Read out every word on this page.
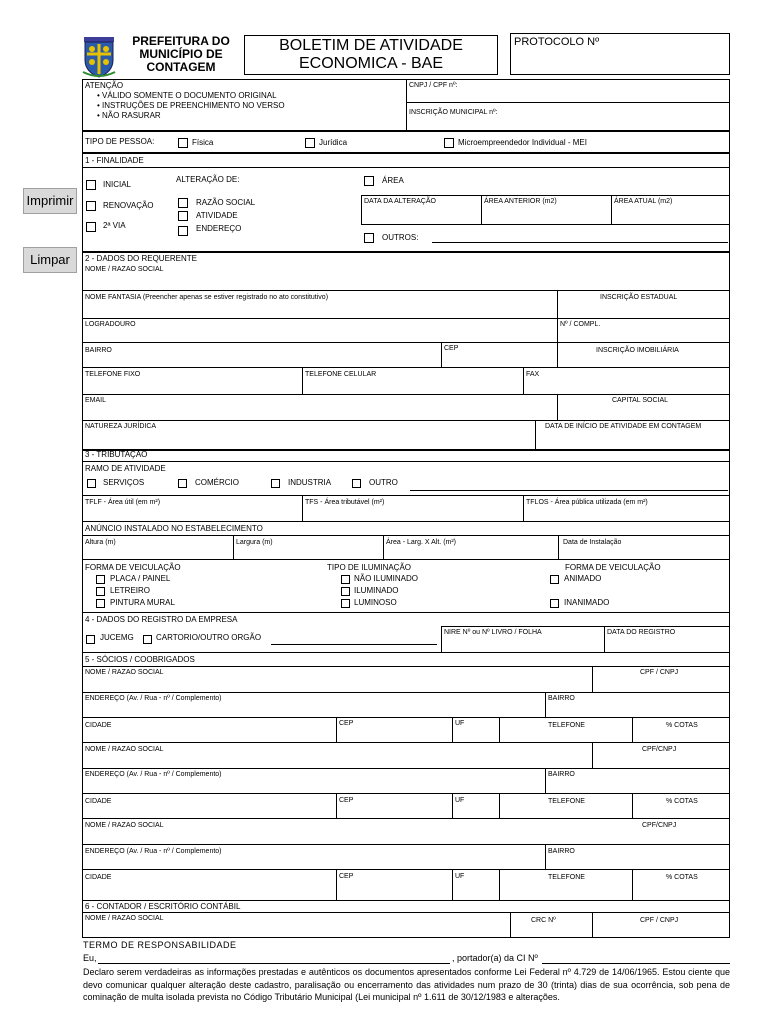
Imprimir
Limpar
PREFEITURA DO
MUNICÍPIO DE
CONTAGEM
BOLETIM DE ATIVIDADE
ECONOMICA - BAE
PROTOCOLO Nº
ATENÇÃO
• VÁLIDO SOMENTE O DOCUMENTO ORIGINAL
• INSTRUÇÕES DE PREENCHIMENTO NO VERSO
• NÃO RASURAR
CNPJ / CPF nº:
INSCRIÇÃO MUNICIPAL nº:
TIPO DE PESSOA:	Física	Jurídica	Microempreendedor Individual - MEI
1 - FINALIDADE
INICIAL
RENOVAÇÃO
2ª VIA
ALTERAÇÃO DE:
RAZÃO SOCIAL
ATIVIDADE
ENDEREÇO
ÁREA
DATA DA ALTERAÇÃO	ÁREA ANTERIOR (m2)	ÁREA ATUAL (m2)
OUTROS:
2 - DADOS DO REQUERENTE
NOME / RAZAO SOCIAL
NOME FANTASIA (Preencher apenas se estiver registrado no ato constitutivo)	INSCRIÇÃO ESTADUAL
LOGRADOURO	Nº / COMPL.
BAIRRO	CEP	INSCRIÇÃO IMOBILIÁRIA
TELEFONE FIXO	TELEFONE CELULAR	FAX
EMAIL	CAPITAL SOCIAL
NATUREZA JURÍDICA	DATA DE INÍCIO DE ATIVIDADE EM CONTAGEM
3 - TRIBUTAÇÃO
RAMO DE ATIVIDADE
SERVIÇOS	COMÉRCIO	INDUSTRIA	OUTRO
TFLF - Área útil (em m²)	TFS - Área tributável (m²)	TFLOS - Área pública utilizada (em m²)
ANÚNCIO INSTALADO NO ESTABELECIMENTO
Altura (m)	Largura (m)	Área - Larg. X Alt. (m²)	Data de Instalação
FORMA DE VEICULAÇÃO
PLACA / PAINEL
LETREIRO
PINTURA MURAL
TIPO DE ILUMINAÇÃO
NÃO ILUMINADO
ILUMINADO
LUMINOSO
FORMA DE VEICULAÇÃO
ANIMADO
INANIMADO
4 - DADOS DO REGISTRO DA EMPRESA
JUCEMG	CARTORIO/OUTRO ORGÃO
NIRE Nº ou Nº LIVRO / FOLHA	DATA DO REGISTRO
5 - SÓCIOS / COOBRIGADOS
NOME / RAZAO SOCIAL	CPF / CNPJ
ENDEREÇO (Av. / Rua - nº / Complemento)	BAIRRO
CIDADE	CEP	UF	TELEFONE	% COTAS
NOME / RAZAO SOCIAL	CPF/CNPJ
ENDEREÇO (Av. / Rua - nº / Complemento)	BAIRRO
CIDADE	CEP	UF	TELEFONE	% COTAS
NOME / RAZAO SOCIAL	CPF/CNPJ
ENDEREÇO (Av. / Rua - nº / Complemento)	BAIRRO
CIDADE	CEP	UF	TELEFONE	% COTAS
6 - CONTADOR / ESCRITÓRIO CONTÁBIL
NOME / RAZAO SOCIAL	CRC Nº	CPF / CNPJ
TERMO DE RESPONSABILIDADE
Eu,	, portador(a) da CI Nº
Declaro serem verdadeiras as informações prestadas e autênticos os documentos apresentados conforme Lei Federal nº 4.729 de 14/06/1965. Estou ciente que devo comunicar qualquer alteração deste cadastro, paralisação ou encerramento das atividades num prazo de 30 (trinta) dias de sua ocorrência, sob pena de cominação de multa isolada prevista no Código Tributário Municipal (Lei municipal nº 1.611 de 30/12/1983 e alterações.
